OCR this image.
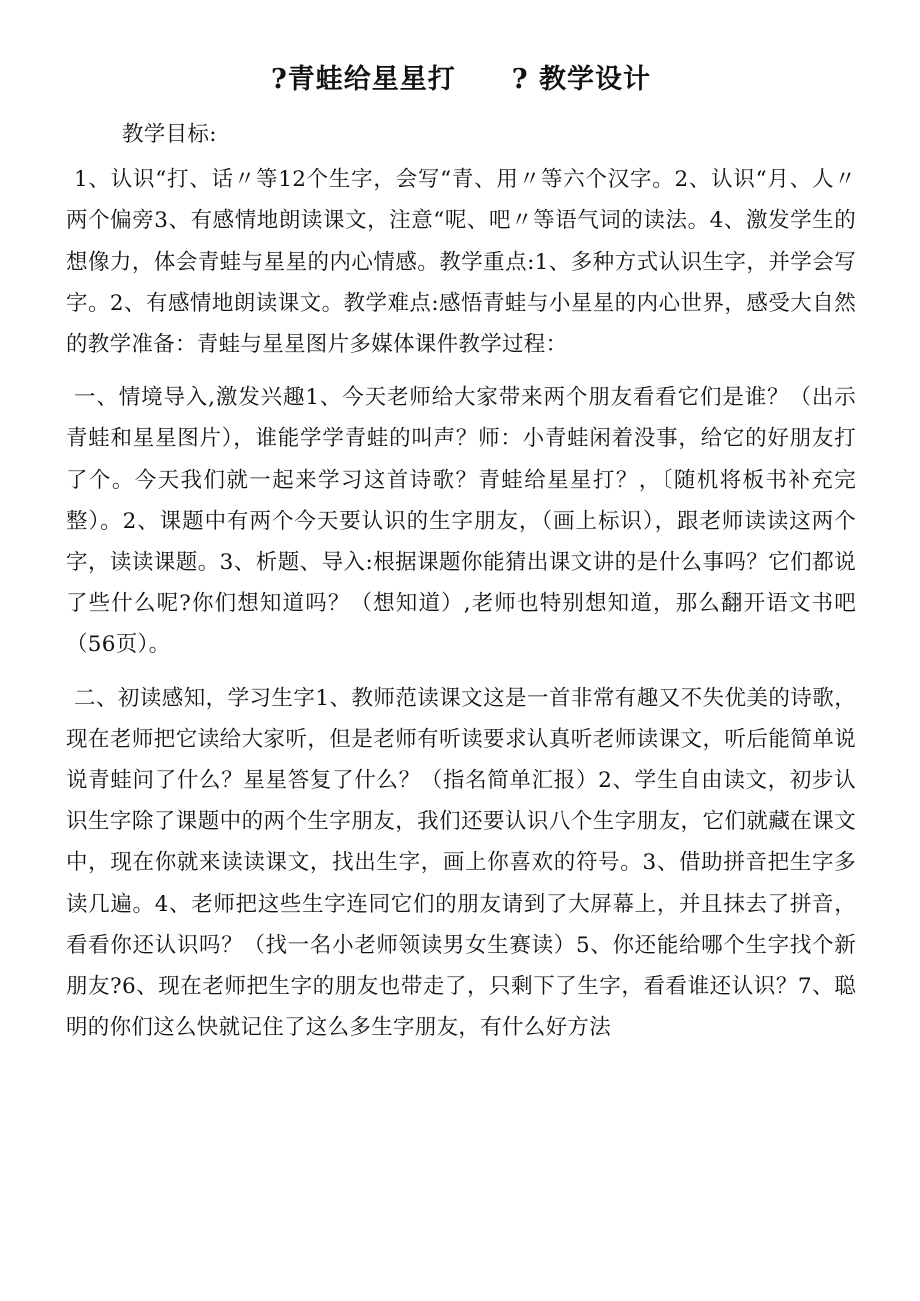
?青蛙给星星打　　? 教学设计

教学目标:

1、认识“打、话〃等12个生字，会写“青、用〃等六个汉字。2、认识“月、人〃两个偏旁3、有感情地朗读课文，注意“呢、吧〃等语气词的读法。4、激发学生的想像力，体会青蛙与星星的内心情感。教学重点:1、多种方式认识生字，并学会写字。2、有感情地朗读课文。教学难点:感悟青蛙与小星星的内心世界，感受大自然的教学准备：青蛙与星星图片多媒体课件教学过程：

一、情境导入,激发兴趣1、今天老师给大家带来两个朋友看看它们是谁？（出示青蛙和星星图片），谁能学学青蛙的叫声？师：小青蛙闲着没事，给它的好朋友打了个。今天我们就一起来学习这首诗歌？青蛙给星星打？，〔随机将板书补充完整）。2、课题中有两个今天要认识的生字朋友，（画上标识），跟老师读读这两个字，读读课题。3、析题、导入:根据课题你能猜出课文讲的是什么事吗？它们都说了些什么呢?你们想知道吗？（想知道）,老师也特别想知道，那么翻开语文书吧（56页）。

二、初读感知，学习生字1、教师范读课文这是一首非常有趣又不失优美的诗歌，现在老师把它读给大家听，但是老师有听读要求认真听老师读课文，听后能简单说说青蛙问了什么？星星答复了什么？（指名简单汇报）2、学生自由读文，初步认识生字除了课题中的两个生字朋友，我们还要认识八个生字朋友，它们就藏在课文中，现在你就来读读课文，找出生字，画上你喜欢的符号。3、借助拼音把生字多读几遍。4、老师把这些生字连同它们的朋友请到了大屏幕上，并且抹去了拼音，看看你还认识吗？（找一名小老师领读男女生赛读）5、你还能给哪个生字找个新朋友?6、现在老师把生字的朋友也带走了，只剩下了生字，看看谁还认识？7、聪明的你们这么快就记住了这么多生字朋友，有什么好方法
